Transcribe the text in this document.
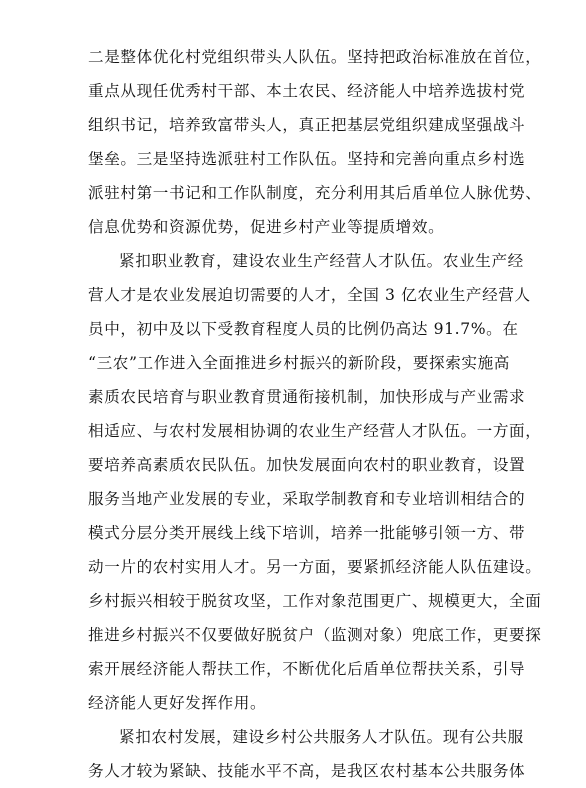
二是整体优化村党组织带头人队伍。坚持把政治标准放在首位，
重点从现任优秀村干部、本土农民、经济能人中培养选拔村党
组织书记，培养致富带头人，真正把基层党组织建成坚强战斗
堡垒。三是坚持选派驻村工作队伍。坚持和完善向重点乡村选
派驻村第一书记和工作队制度，充分利用其后盾单位人脉优势、
信息优势和资源优势，促进乡村产业等提质增效。
紧扣职业教育，建设农业生产经营人才队伍。农业生产经
营人才是农业发展迫切需要的人才，全国 3 亿农业生产经营人
员中，初中及以下受教育程度人员的比例仍高达 91.7%。在
“三农”工作进入全面推进乡村振兴的新阶段，要探索实施高
素质农民培育与职业教育贯通衔接机制，加快形成与产业需求
相适应、与农村发展相协调的农业生产经营人才队伍。一方面，
要培养高素质农民队伍。加快发展面向农村的职业教育，设置
服务当地产业发展的专业，采取学制教育和专业培训相结合的
模式分层分类开展线上线下培训，培养一批能够引领一方、带
动一片的农村实用人才。另一方面，要紧抓经济能人队伍建设。
乡村振兴相较于脱贫攻坚，工作对象范围更广、规模更大，全面
推进乡村振兴不仅要做好脱贫户（监测对象）兜底工作，更要探
索开展经济能人帮扶工作，不断优化后盾单位帮扶关系，引导
经济能人更好发挥作用。
紧扣农村发展，建设乡村公共服务人才队伍。现有公共服
务人才较为紧缺、技能水平不高，是我区农村基本公共服务体
